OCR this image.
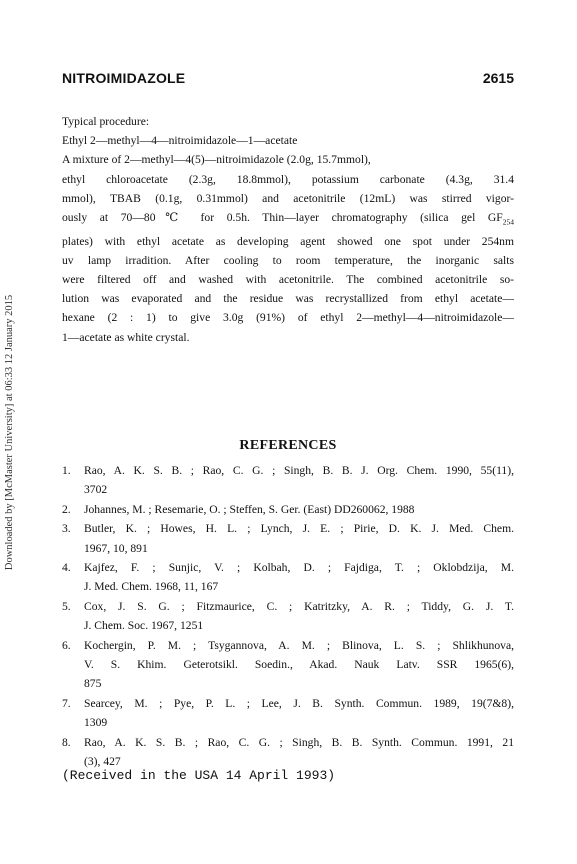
Downloaded by [McMaster University] at 06:33 12 January 2015
NITROIMIDAZOLE	2615
Typical procedure:
Ethyl 2—methyl—4—nitroimidazole—1—acetate
A mixture of 2—methyl—4(5)—nitroimidazole (2.0g, 15.7mmol),
ethyl chloroacetate (2.3g, 18.8mmol), potassium carbonate (4.3g, 31.4
mmol), TBAB (0.1g, 0.31mmol) and acetonitrile (12mL) was stirred vigor-
ously at 70—80℃ for 0.5h. Thin—layer chromatography (silica gel $GF_{254}$
plates) with ethyl acetate as developing agent showed one spot under 254nm
uv lamp irradition. After cooling to room temperature, the inorganic salts
were filtered off and washed with acetonitrile. The combined acetonitrile so-
lution was evaporated and the residue was recrystallized from ethyl acetate—
hexane (2 : 1) to give 3.0g (91%) of ethyl 2—methyl—4—nitroimidazole—
1—acetate as white crystal.
REFERENCES
1.	Rao, A. K. S. B. ; Rao, C. G. ; Singh, B. B. J. Org. Chem. 1990, 55(11),
3702
2.	Johannes, M. ; Resemarie, O. ; Steffen, S. Ger. (East) DD260062, 1988
3.	Butler, K. ; Howes, H. L. ; Lynch, J. E. ; Pirie, D. K. J. Med. Chem.
1967, 10, 891
4.	Kajfez, F. ; Sunjic, V. ; Kolbah, D. ; Fajdiga, T. ; Oklobdzija, M.
J. Med. Chem. 1968, 11, 167
5.	Cox, J. S. G. ; Fitzmaurice, C. ; Katritzky, A. R. ; Tiddy, G. J. T.
J. Chem. Soc. 1967, 1251
6.	Kochergin, P. M. ; Tsygannova, A. M. ; Blinova, L. S. ; Shlikhunova,
V. S. Khim. Geterotsikl. Soedin., Akad. Nauk Latv. SSR 1965(6),
875
7.	Searcey, M. ; Pye, P. L. ; Lee, J. B. Synth. Commun. 1989, 19(7&8),
1309
8.	Rao, A. K. S. B. ; Rao, C. G. ; Singh, B. B. Synth. Commun. 1991, 21
(3), 427
(Received in the USA 14 April 1993)
